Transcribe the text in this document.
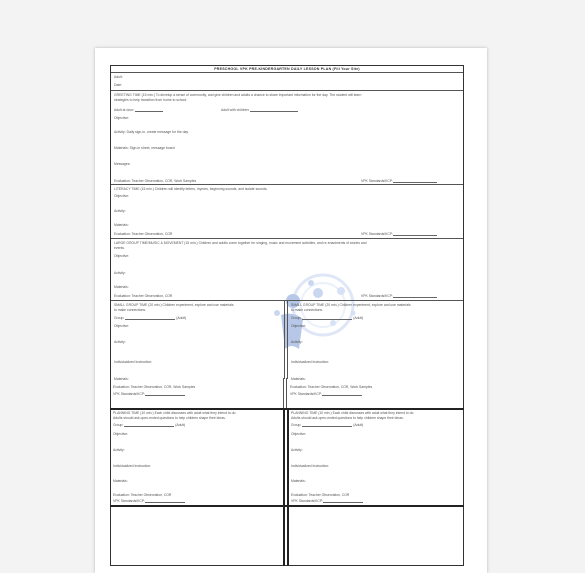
PRESCHOOL VPK PRE-KINDERGARTEN DAILY LESSON PLAN (Fill Your Site)
Adult:
Date:
GREETING TIME (15 min.) To develop a sense of community, and give children and adults a chance to share important information for the day. The student will learn
strategies to help transition from home to school.
Adult at door:	Adult with children:
Objective:
Activity: Daily sign-in, create message for the day
Materials: Sign-in sheet, message board
Messages:
Evaluation: Teacher Observation, COR, Work Samples	VPK Standards/KCP:
LITERACY TIME (15 min.) Children will identify letters, rhymes, beginning sounds, and isolate sounds.
Objective:
Activity:
Materials:
Evaluation: Teacher Observation, COR	VPK Standards/KCP:
LARGE GROUP TIME/MUSIC & MOVEMENT (15 min.) Children and adults come together for singing, music and movement activities, and re-enactments of stories and
events.
Objective:
Activity:
Materials:
Evaluation: Teacher Observation, COR	VPK Standards/KCP:
SMALL GROUP TIME (20 min.) Children experiment, explore and use materials
to make connections.
Group:	(Adult)
Objective:
Activity:
Individualized Instruction:
Materials:
SMALL GROUP TIME (20 min.) Children experiment, explore and use materials
to make connections.
Group:	(Adult)
Objective:
Activity:
Individualized Instruction:
Materials:
Evaluation: Teacher Observation, COR, Work Samples
VPK Standards/KCP:
Evaluation: Teacher Observation, COR, Work Samples
VPK Standards/KCP:
PLANNING TIME (10 min.) Each child discusses with adult what they intend to do.
Adults should ask open-ended questions to help children shape their ideas.
Group:	(Adult)
Objective:
Activity:
Individualized Instruction:
Materials:
Evaluation: Teacher Observation, COR
VPK Standards/KCP:
PLANNING TIME (10 min.) Each child discusses with adult what they intend to do.
Adults should ask open-ended questions to help children shape their ideas.
Group:	(Adult)
Objective:
Activity:
Individualized Instruction:
Materials:
Evaluation: Teacher Observation, COR
VPK Standards/KCP:
